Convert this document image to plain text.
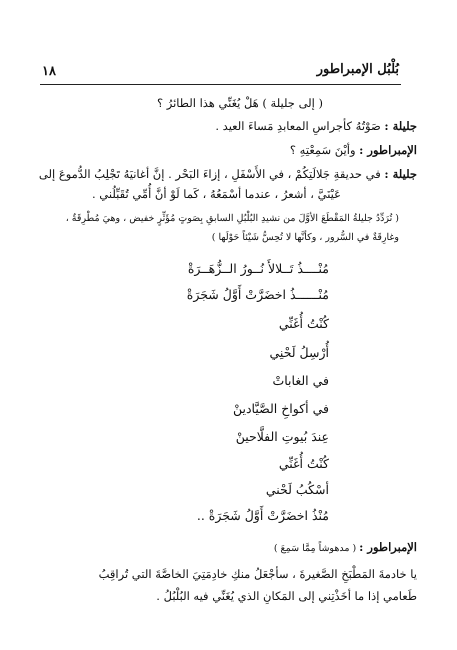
بُلْبُل الإمبراطور
١٨
( إلى جليلة ) هَلْ يُغَنِّي هذا الطائرُ ؟
جليلة : صَوْتُهُ كأجراسِ المعابدِ مَساءَ العيد .
الإمبراطور : وأيْنَ سَمِعْتِهِ ؟
جليلة : في حديقةِ جَلالَتِكُمْ ، في الأَسْفَلِ ، إزاءَ البَحْر . إنَّ أغانيَهُ تَجْلِبُ الدُّموعَ إلى
عَيْنَيَّ ، أشعرُ ، عندما أسْمَعُهُ ، كَما لَوْ أنَّ أُمِّي تُقَبِّلُني .
( تُرَدِّدُ جليلةُ المَقْطَعَ الأوَّلَ من نشيدِ البُلْبُلِ السابقِ بِصَوتٍ مُؤَثِّرٍ خفيض ، وهيَ مُطْرِقَةٌ ،
وغارِقَةٌ في السُّرور ، وكأنَّها لا تُحِسُّ شَيْئاً حَوْلَها )
مُنْــــذُ تَــلالأَ نُــورُ الــزُّهَــرَةْ
مُنْــــــذُ اخضَرَّتْ أَوَّلُ شَجَرَةْ
كُنْتُ أُغَنِّي
أُرْسِلُ لَحْنِي
في الغاباتْ
في أكواخِ الصَّيَّادينْ
عِندَ بُيوتِ الفلَّاحينْ
كُنْتُ أُغَنِّي
أسْكُبُ لَحْني
مُنْذُ اخضَرَّتْ أَوَّلُ شَجَرَةْ ..
الإمبراطور : ( مدهوشاً مِمَّا سَمِعَ )
يا خادمةَ المَطْبَخِ الصَّغيرةَ ، سأجْعَلُ منكِ خادِمَتِيَ الخاصَّةَ التي تُراقِبُ
طَعامي إذا ما أخَذْتِني إلى المَكانِ الذي يُغَنِّي فيه البُلْبُلُ .
